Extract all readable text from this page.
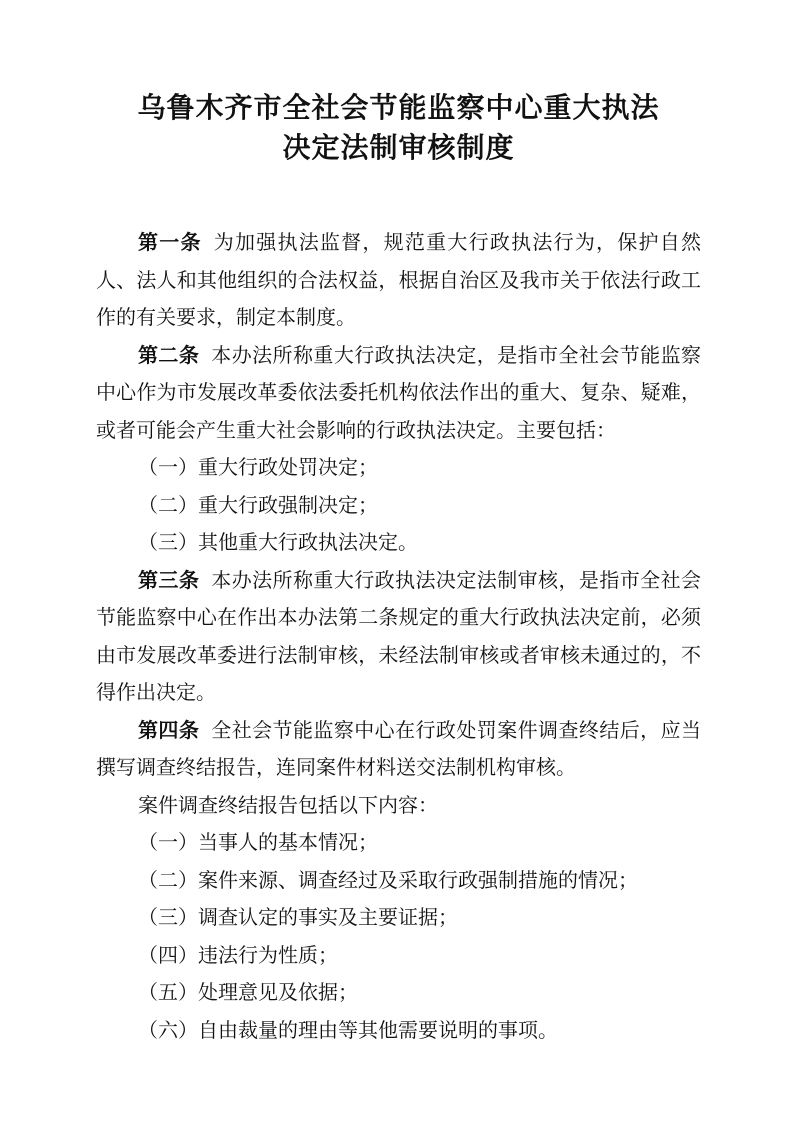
乌鲁木齐市全社会节能监察中心重大执法
决定法制审核制度

第一条 为加强执法监督，规范重大行政执法行为，保护自然人、法人和其他组织的合法权益，根据自治区及我市关于依法行政工作的有关要求，制定本制度。

第二条 本办法所称重大行政执法决定，是指市全社会节能监察中心作为市发展改革委依法委托机构依法作出的重大、复杂、疑难，或者可能会产生重大社会影响的行政执法决定。主要包括：

（一）重大行政处罚决定；

（二）重大行政强制决定；

（三）其他重大行政执法决定。

第三条 本办法所称重大行政执法决定法制审核，是指市全社会节能监察中心在作出本办法第二条规定的重大行政执法决定前，必须由市发展改革委进行法制审核，未经法制审核或者审核未通过的，不得作出决定。

第四条 全社会节能监察中心在行政处罚案件调查终结后，应当撰写调查终结报告，连同案件材料送交法制机构审核。

案件调查终结报告包括以下内容：

（一）当事人的基本情况；

（二）案件来源、调查经过及采取行政强制措施的情况；

（三）调查认定的事实及主要证据；

（四）违法行为性质；

（五）处理意见及依据；

（六）自由裁量的理由等其他需要说明的事项。
